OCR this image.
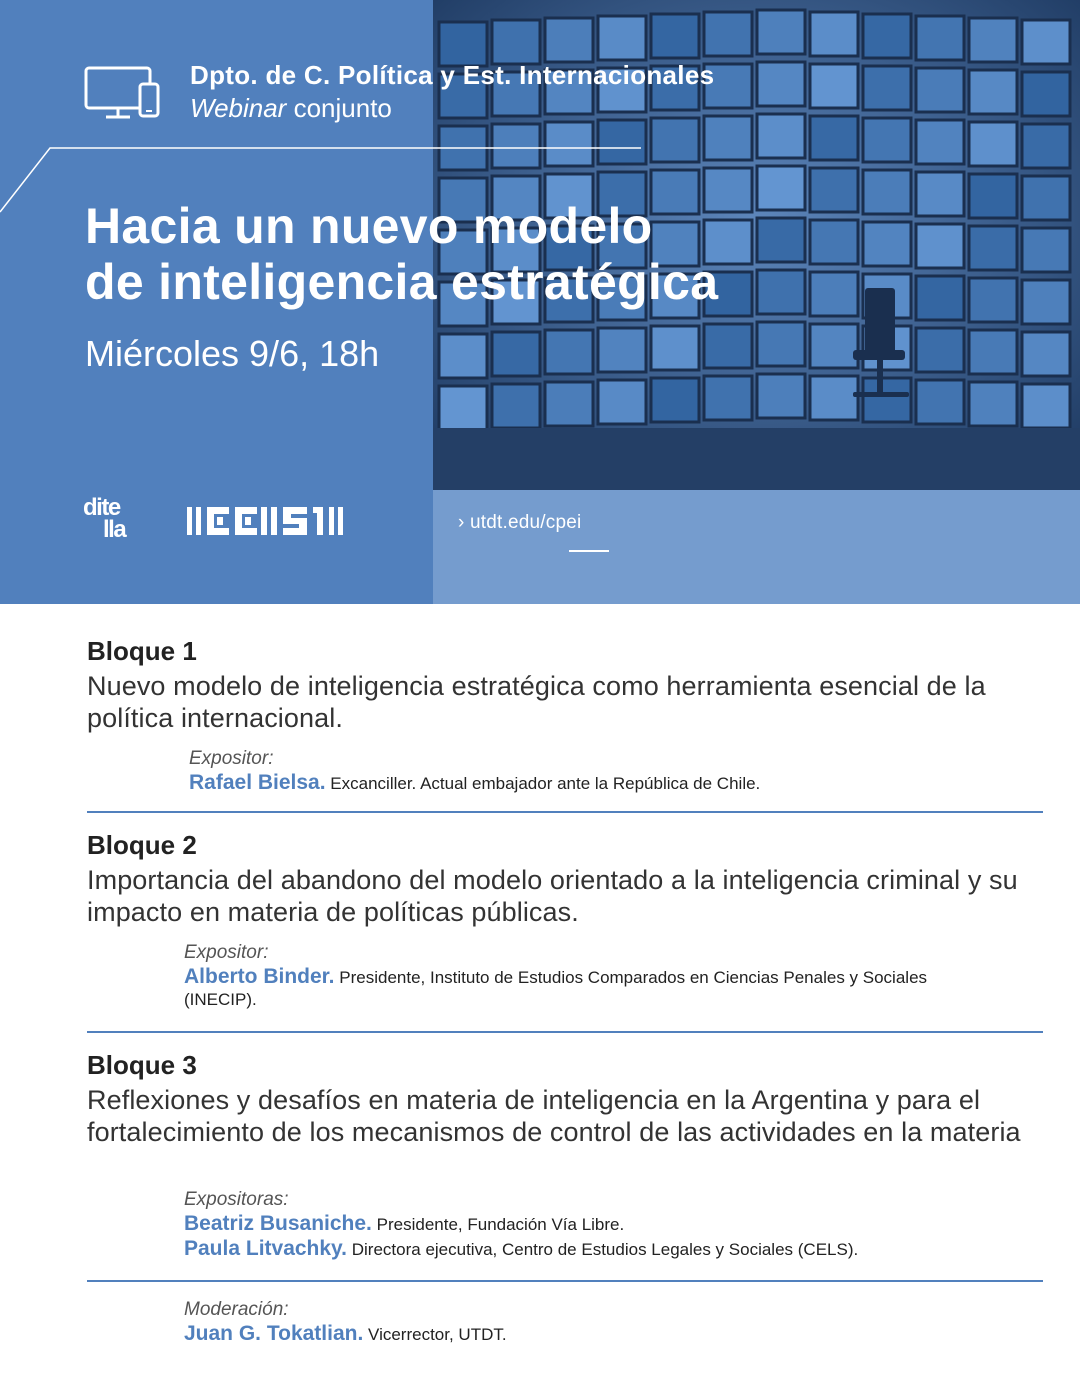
› utdt.edu/cpei
Dpto. de C. Política y Est. Internacionales
Webinar conjunto
Hacia un nuevo modelo
de inteligencia estratégica
Miércoles 9/6, 18h
dite
lla
Bloque 1

Nuevo modelo de inteligencia estratégica como herramienta esencial de la política internacional.

Expositor:
Rafael Bielsa. Excanciller. Actual embajador ante la República de Chile.
Bloque 2

Importancia del abandono del modelo orientado a la inteligencia criminal y su impacto en materia de políticas públicas.

Expositor:
Alberto Binder. Presidente, Instituto de Estudios Comparados en Ciencias Penales y Sociales (INECIP).
Bloque 3

Reflexiones y desafíos en materia de inteligencia en la Argentina y para el fortalecimiento de los mecanismos de control de las actividades en la materia

Expositoras:
Beatriz Busaniche. Presidente, Fundación Vía Libre.
Paula Litvachky. Directora ejecutiva, Centro de Estudios Legales y Sociales (CELS).
Moderación:
Juan G. Tokatlian. Vicerrector, UTDT.
